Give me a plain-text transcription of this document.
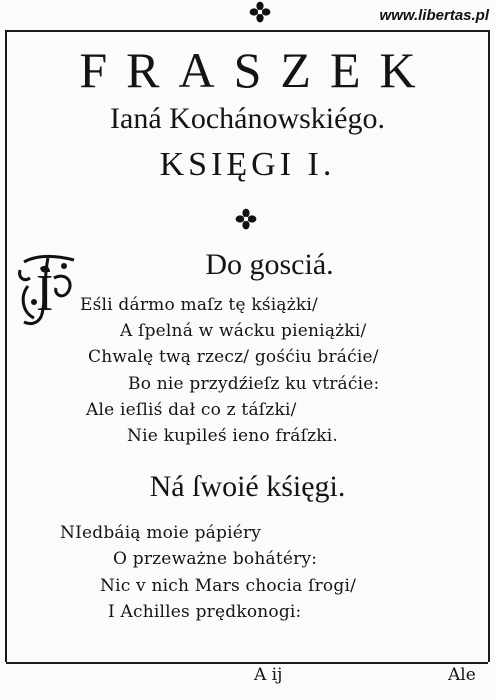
www.libertas.pl
FRASZEK
Ianá Kochánowskiégo.
KSIĘGI I.
I
Do gosciá.
Eśli dármo maſz tę kśiążki/
A ſpelná w wácku pieniążki/
Chwalę twą rzecz/ gośćiu bráćie/
Bo nie przydźieſz ku vtráćie:
Ale ieſliś dał co z táſzki/
Nie kupileś ieno fráſzki.
Ná ſwoié kśięgi.
NIedbáią moie pápiéry
O przeważne bohátéry:
Nic v nich Mars chocia ſrogi/
I Achilles prędkonogi:
A ij	Ale
